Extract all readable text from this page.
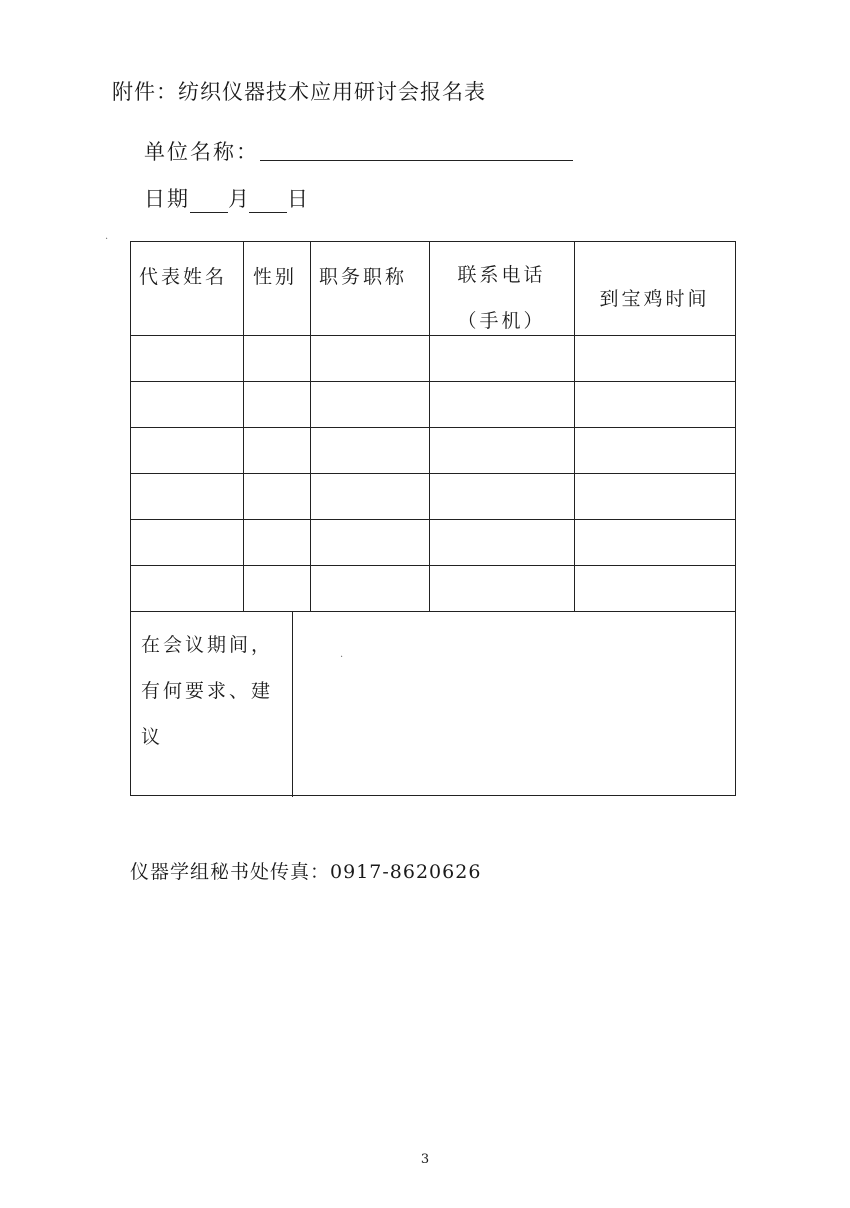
附件：纺织仪器技术应用研讨会报名表
单位名称：
日期 月 日
·
·
代表姓名 性别 职务职称	联系电话
（手机）
到宝鸡时间
在会议期间，有何要求、建议
仪器学组秘书处传真：0917-8620626
3
